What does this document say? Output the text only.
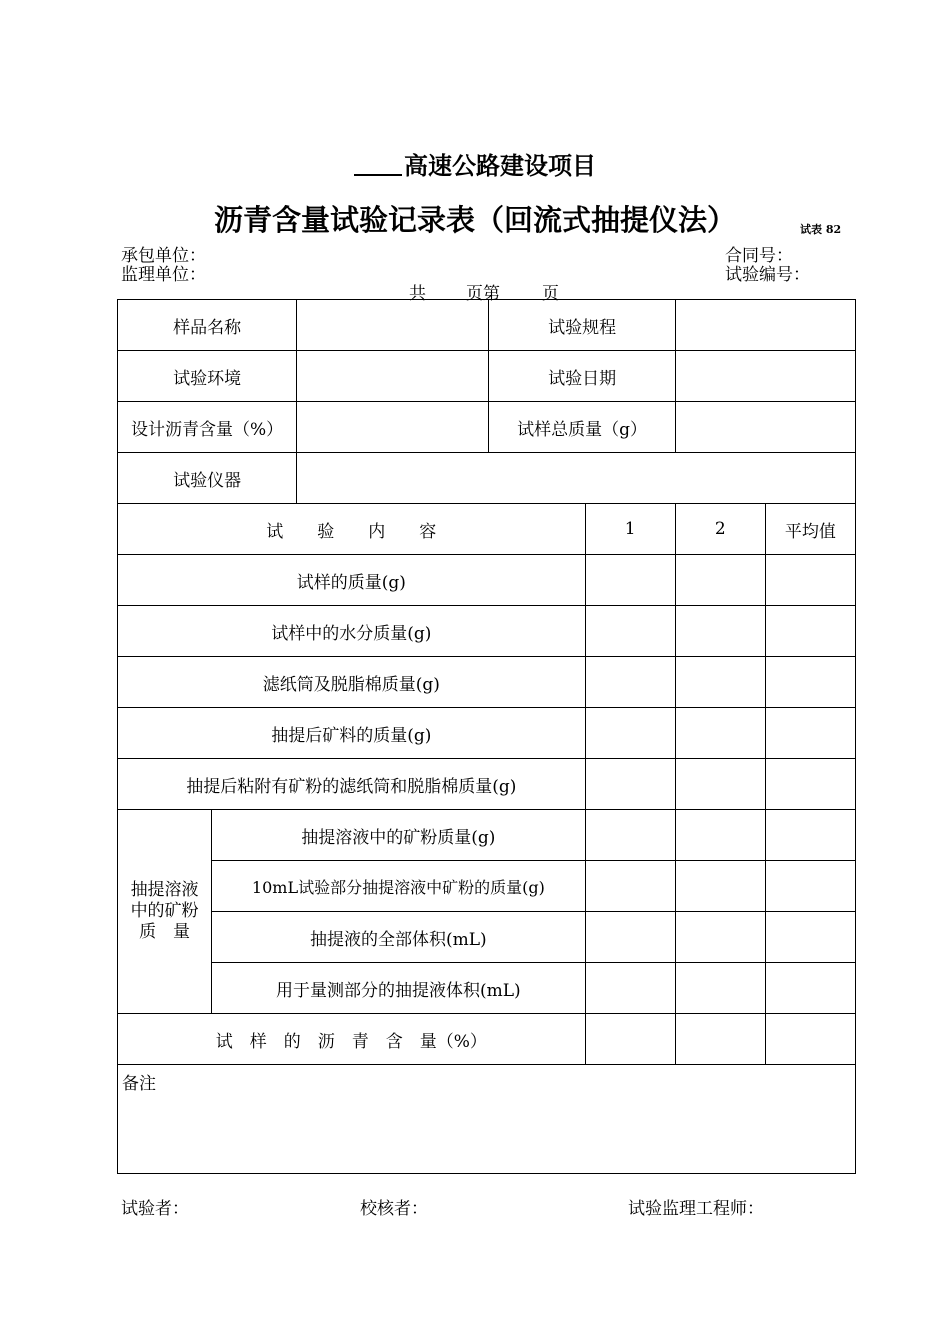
高速公路建设项目
沥青含量试验记录表（回流式抽提仪法）	试表 82
承包单位：
监理单位：
合同号：
试验编号：
共 页第 页
样品名称			试验规程			
试验环境			试验日期			
设计沥青含量（%）			试样总质量（g）			
试验仪器						
试　　验　　内　　容				1	2	平均值
试样的质量(g)						
试样中的水分质量(g)						
滤纸筒及脱脂棉质量(g)						
抽提后矿料的质量(g)						
抽提后粘附有矿粉的滤纸筒和脱脂棉质量(g)						
抽提溶液中的矿粉质　量	抽提溶液中的矿粉质量(g)					
	10mL试验部分抽提溶液中矿粉的质量(g)					
	抽提液的全部体积(mL)					
	用于量测部分的抽提液体积(mL)					
试　样　的　沥　青　含　量（%）						
备注						
试验者：	校核者：	试验监理工程师：
